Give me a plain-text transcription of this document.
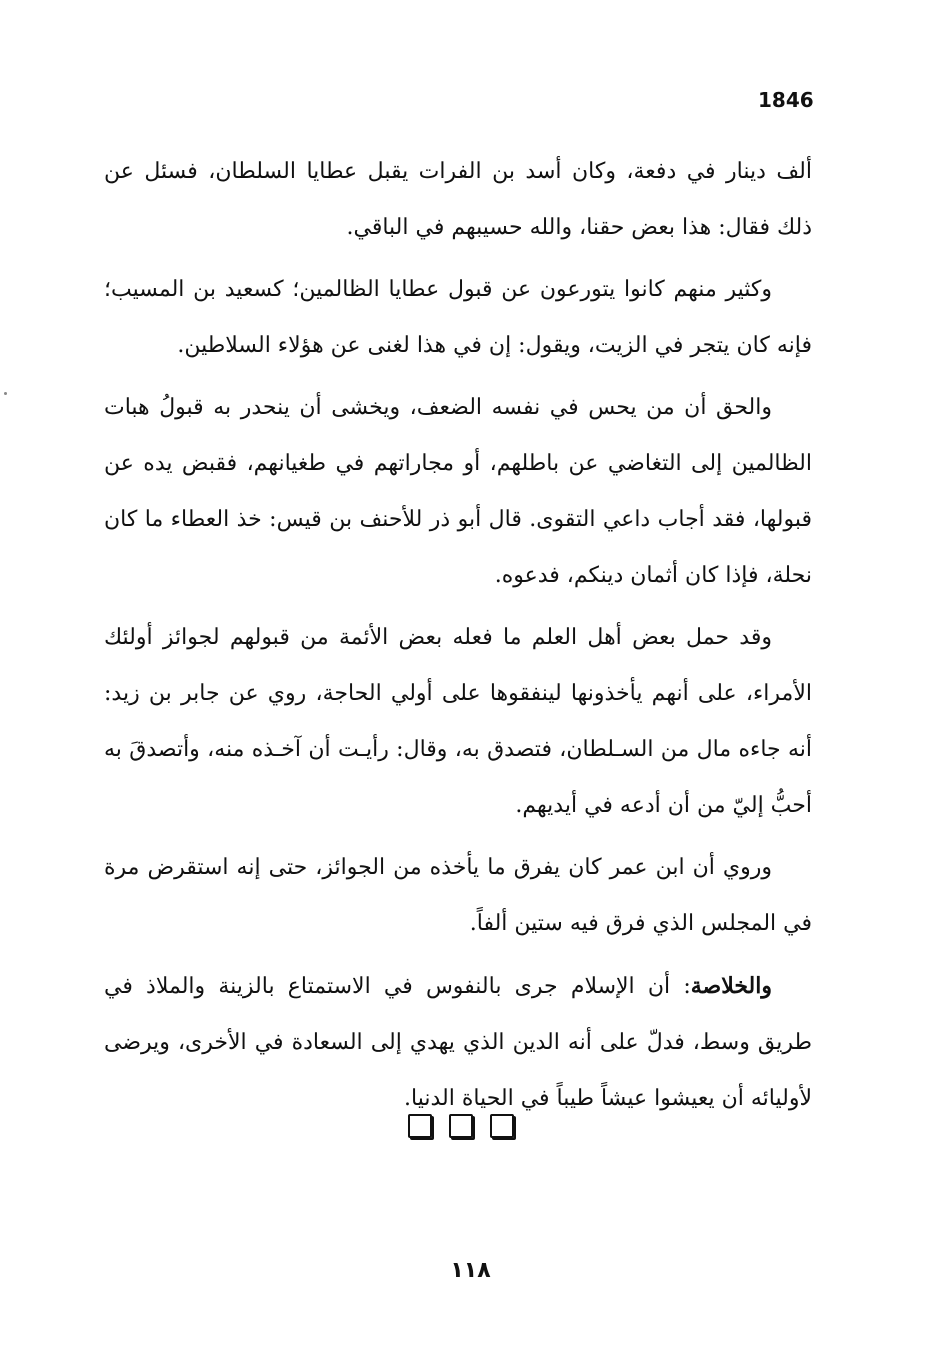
1846

ألف دينار في دفعة، وكان أسد بن الفرات يقبل عطايا السلطان، فسئل عن ذلك فقال: هذا بعض حقنا، والله حسيبهم في الباقي.

وكثير منهم كانوا يتورعون عن قبول عطايا الظالمين؛ كسعيد بن المسيب؛ فإنه كان يتجر في الزيت، ويقول: إن في هذا لغنى عن هؤلاء السلاطين.

والحق أن من يحس في نفسه الضعف، ويخشى أن ينحدر به قبولُ هبات الظالمين إلى التغاضي عن باطلهم، أو مجاراتهم في طغيانهم، فقبض يده عن قبولها، فقد أجاب داعي التقوى. قال أبو ذر للأحنف بن قيس: خذ العطاء ما كان نحلة، فإذا كان أثمان دينكم، فدعوه.

وقد حمل بعض أهل العلم ما فعله بعض الأئمة من قبولهم لجوائز أولئك الأمراء، على أنهم يأخذونها لينفقوها على أولي الحاجة، روي عن جابر بن زيد: أنه جاءه مال من السـلطان، فتصدق به، وقال: رأيـت أن آخـذه منه، وأتصدقَ به أحبُّ إليّ من أن أدعه في أيديهم.

وروي أن ابن عمر كان يفرق ما يأخذه من الجوائز، حتى إنه استقرض مرة في المجلس الذي فرق فيه ستين ألفاً.

والخلاصة: أن الإسلام جرى بالنفوس في الاستمتاع بالزينة والملاذ في طريق وسط، فدلّ على أنه الدين الذي يهدي إلى السعادة في الأخرى، ويرضى لأوليائه أن يعيشوا عيشاً طيباً في الحياة الدنيا.

١١٨
